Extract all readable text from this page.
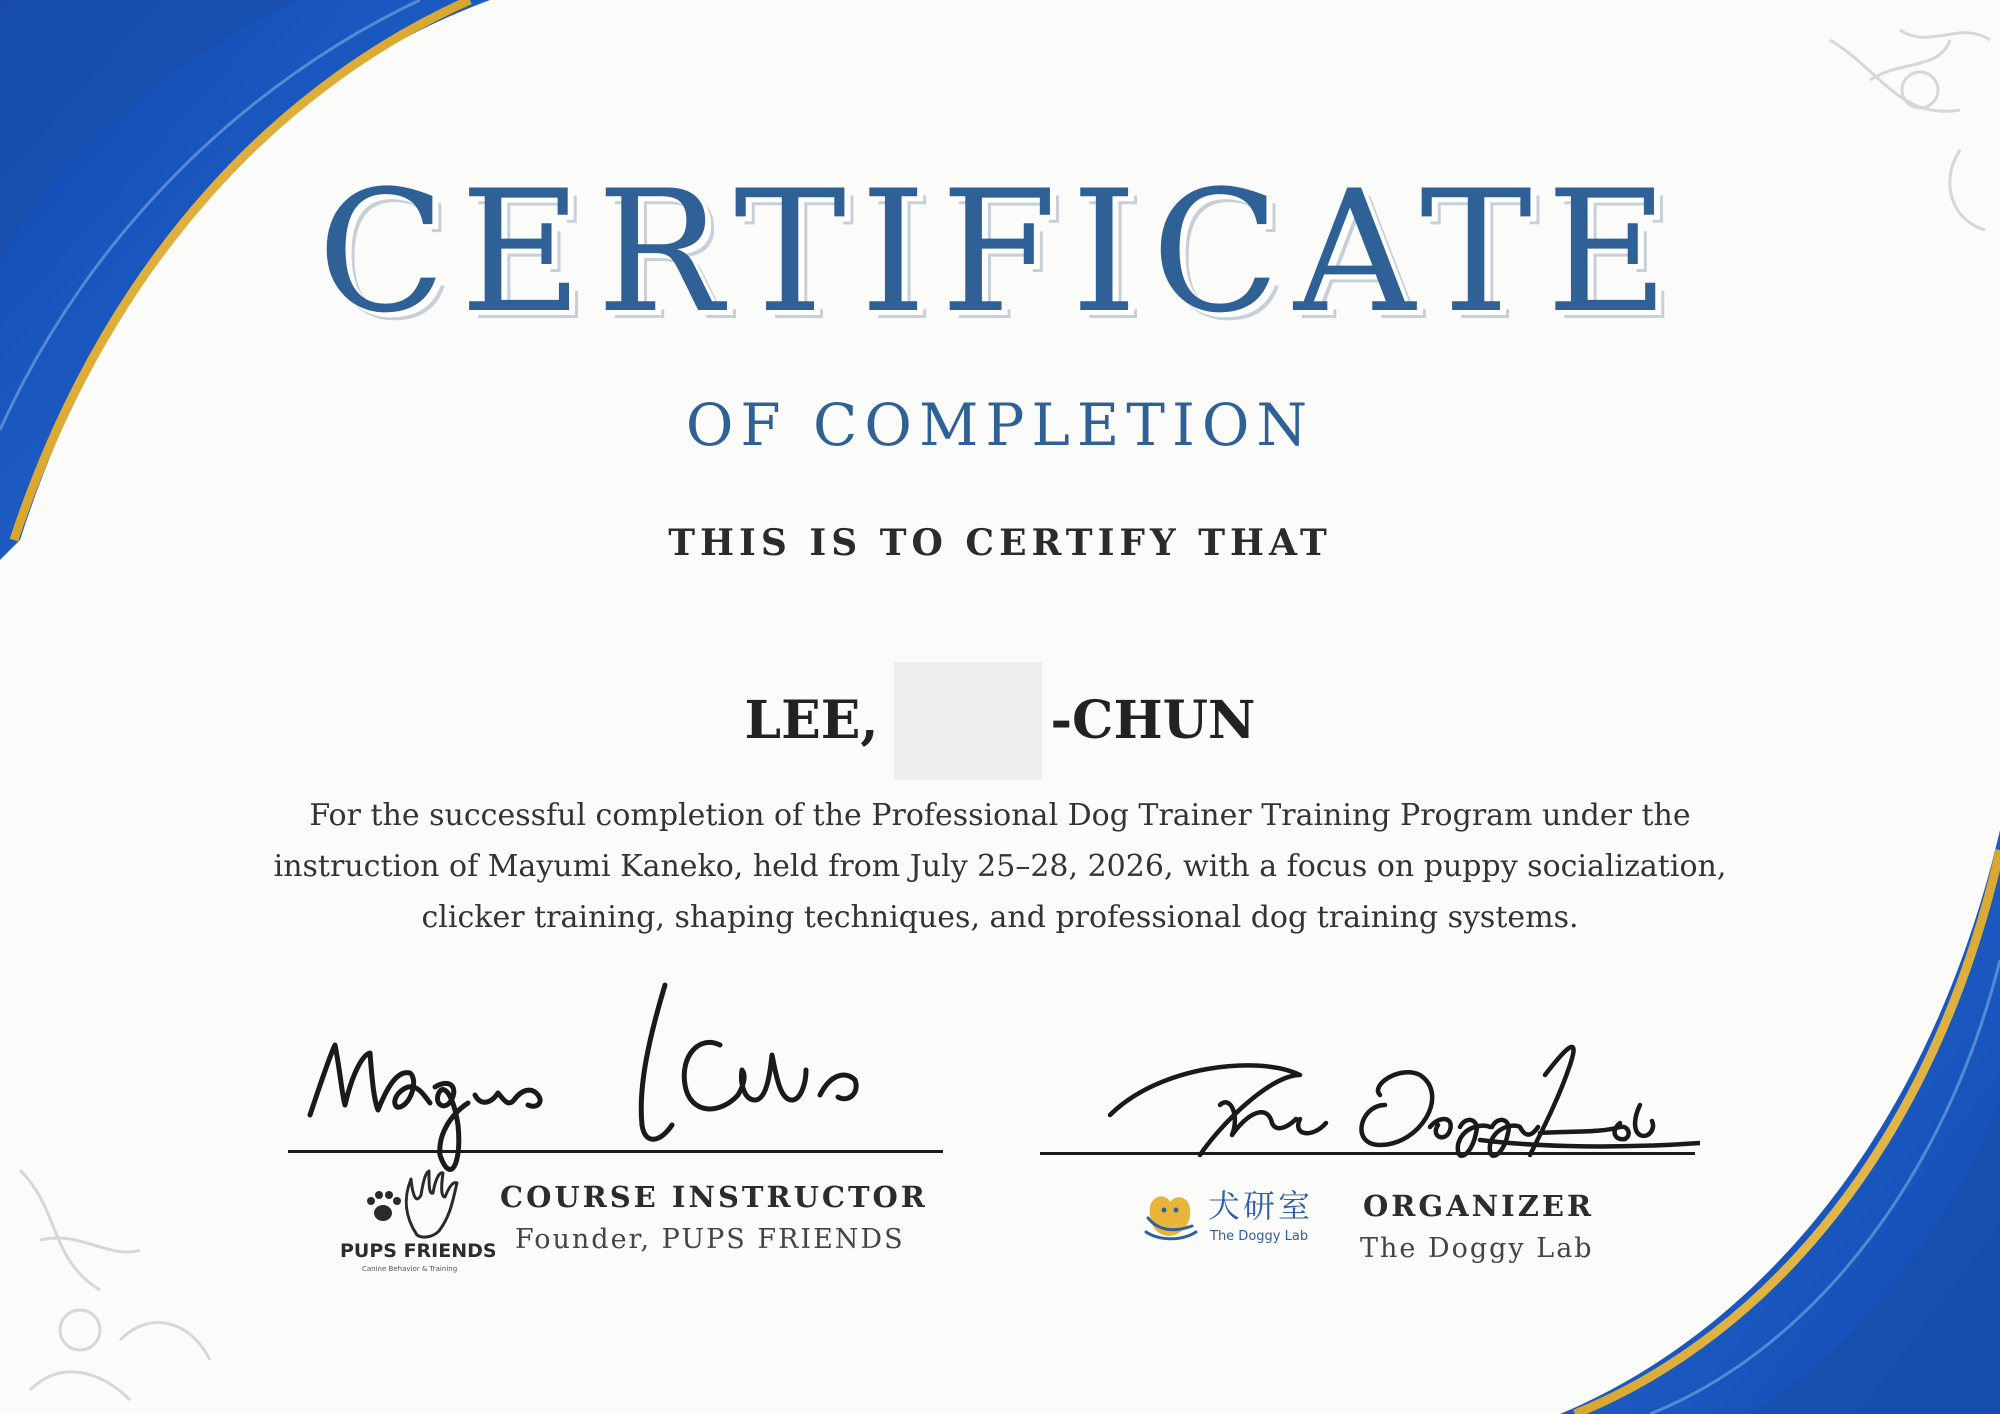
CERTIFICATE
OF COMPLETION
THIS IS TO CERTIFY THAT
LEE,	-CHUN
For the successful completion of the Professional Dog Trainer Training Program under the instruction of Mayumi Kaneko, held from July 25–28, 2026, with a focus on puppy socialization, clicker training, shaping techniques, and professional dog training systems.
PUPS FRIENDS
Canine Behavior & Training
COURSE INSTRUCTOR
Founder, PUPS FRIENDS
犬研室
The Doggy Lab
ORGANIZER
The Doggy Lab
